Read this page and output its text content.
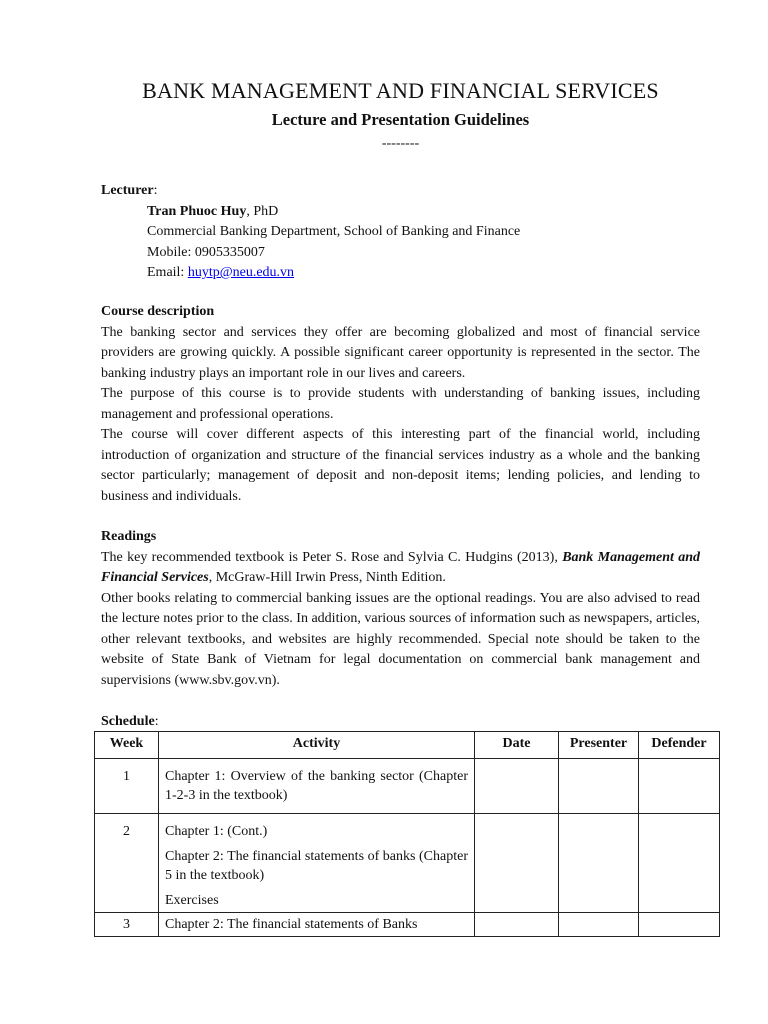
BANK MANAGEMENT AND FINANCIAL SERVICES
Lecture and Presentation Guidelines
--------
Lecturer:
Tran Phuoc Huy, PhD
Commercial Banking Department, School of Banking and Finance
Mobile: 0905335007
Email: huytp@neu.edu.vn
Course description
The banking sector and services they offer are becoming globalized and most of financial service providers are growing quickly. A possible significant career opportunity is represented in the sector. The banking industry plays an important role in our lives and careers.
The purpose of this course is to provide students with understanding of banking issues, including management and professional operations.
The course will cover different aspects of this interesting part of the financial world, including introduction of organization and structure of the financial services industry as a whole and the banking sector particularly; management of deposit and non-deposit items; lending policies, and lending to business and individuals.
Readings
The key recommended textbook is Peter S. Rose and Sylvia C. Hudgins (2013), Bank Management and Financial Services, McGraw-Hill Irwin Press, Ninth Edition.
Other books relating to commercial banking issues are the optional readings. You are also advised to read the lecture notes prior to the class. In addition, various sources of information such as newspapers, articles, other relevant textbooks, and websites are highly recommended. Special note should be taken to the website of State Bank of Vietnam for legal documentation on commercial bank management and supervisions (www.sbv.gov.vn).
Schedule:
Week	Activity	Date	Presenter	Defender
1	Chapter 1: Overview of the banking sector (Chapter 1-2-3 in the textbook)			

2	Chapter 1: (Cont.)

Chapter 2: The financial statements of banks (Chapter 5 in the textbook)

Exercises			

3	Chapter 2: The financial statements of Banks			
